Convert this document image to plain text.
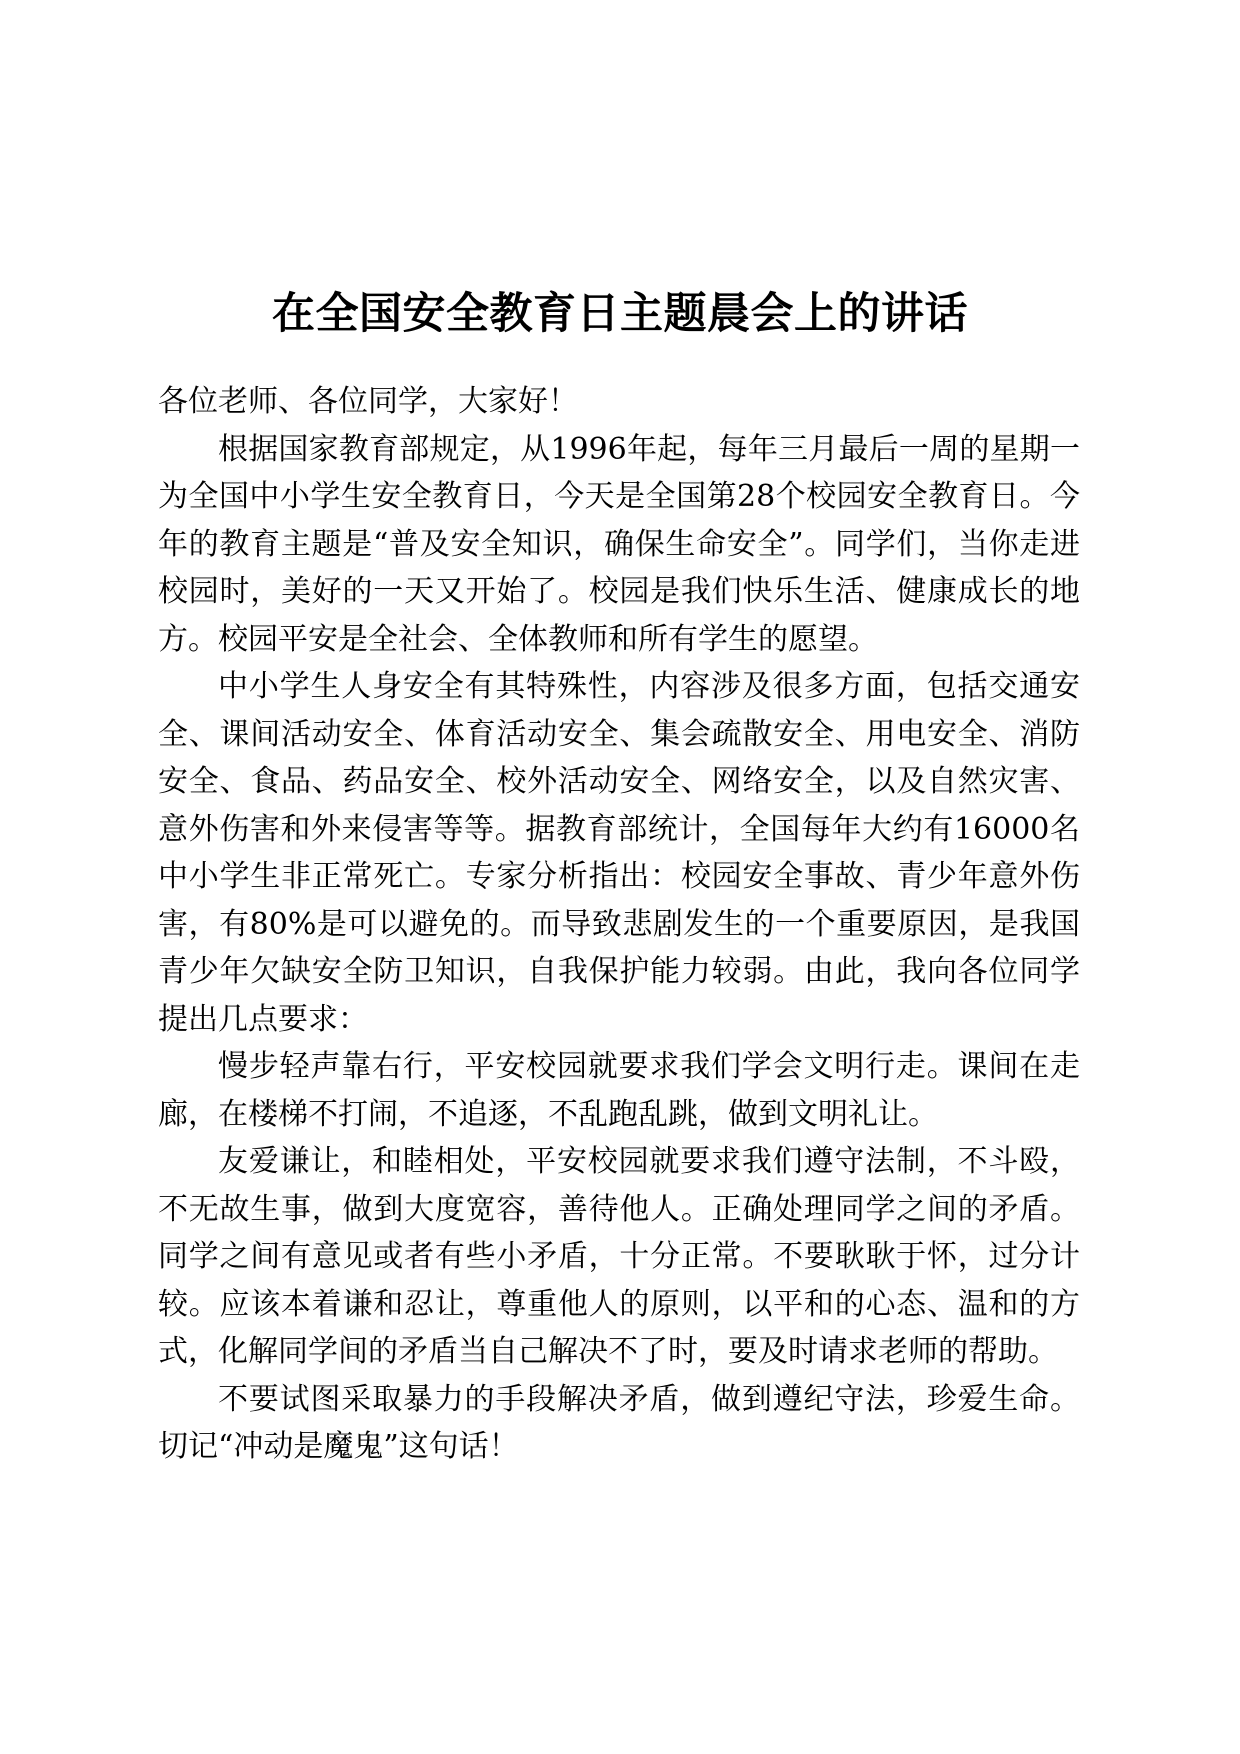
在全国安全教育日主题晨会上的讲话

各位老师、各位同学，大家好！

根据国家教育部规定，从1996年起，每年三月最后一周的星期一为全国中小学生安全教育日，今天是全国第28个校园安全教育日。今年的教育主题是“普及安全知识，确保生命安全”。同学们，当你走进校园时，美好的一天又开始了。校园是我们快乐生活、健康成长的地方。校园平安是全社会、全体教师和所有学生的愿望。

中小学生人身安全有其特殊性，内容涉及很多方面，包括交通安全、课间活动安全、体育活动安全、集会疏散安全、用电安全、消防安全、食品、药品安全、校外活动安全、网络安全，以及自然灾害、意外伤害和外来侵害等等。据教育部统计，全国每年大约有16000名中小学生非正常死亡。专家分析指出：校园安全事故、青少年意外伤害，有80%是可以避免的。而导致悲剧发生的一个重要原因，是我国青少年欠缺安全防卫知识，自我保护能力较弱。由此，我向各位同学提出几点要求：

慢步轻声靠右行，平安校园就要求我们学会文明行走。课间在走廊，在楼梯不打闹，不追逐，不乱跑乱跳，做到文明礼让。

友爱谦让，和睦相处，平安校园就要求我们遵守法制，不斗殴，不无故生事，做到大度宽容，善待他人。正确处理同学之间的矛盾。同学之间有意见或者有些小矛盾，十分正常。不要耿耿于怀，过分计较。应该本着谦和忍让，尊重他人的原则，以平和的心态、温和的方式，化解同学间的矛盾当自己解决不了时，要及时请求老师的帮助。

不要试图采取暴力的手段解决矛盾，做到遵纪守法，珍爱生命。切记“冲动是魔鬼”这句话！
